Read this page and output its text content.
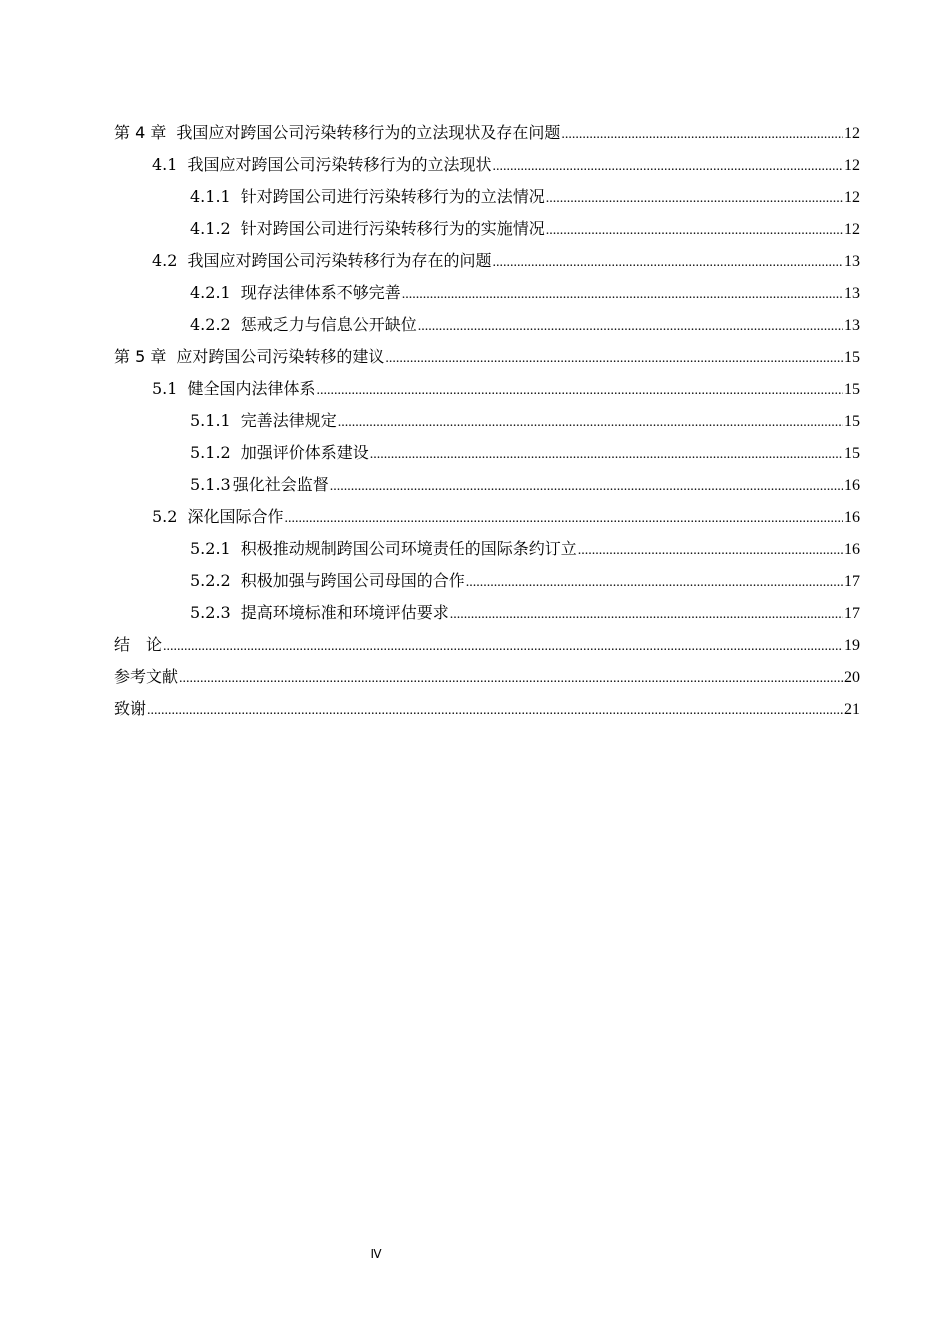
第 4 章 我国应对跨国公司污染转移行为的立法现状及存在问题 .....	12
4.1 我国应对跨国公司污染转移行为的立法现状 .....	12
4.1.1 针对跨国公司进行污染转移行为的立法情况 .....	12
4.1.2 针对跨国公司进行污染转移行为的实施情况 .....	12
4.2 我国应对跨国公司污染转移行为存在的问题 .....	13
4.2.1 现存法律体系不够完善 .....	13
4.2.2 惩戒乏力与信息公开缺位 .....	13
第 5 章 应对跨国公司污染转移的建议 .....	15
5.1 健全国内法律体系 .....	15
5.1.1 完善法律规定 .....	15
5.1.2 加强评价体系建设 .....	15
5.1.3 强化社会监督 .....	16
5.2 深化国际合作 .....	16
5.2.1 积极推动规制跨国公司环境责任的国际条约订立 .....	16
5.2.2 积极加强与跨国公司母国的合作 .....	17
5.2.3 提高环境标准和环境评估要求 .....	17
结　论 .....	19
参考文献 .....	20
致谢 .....	21
Ⅳ
